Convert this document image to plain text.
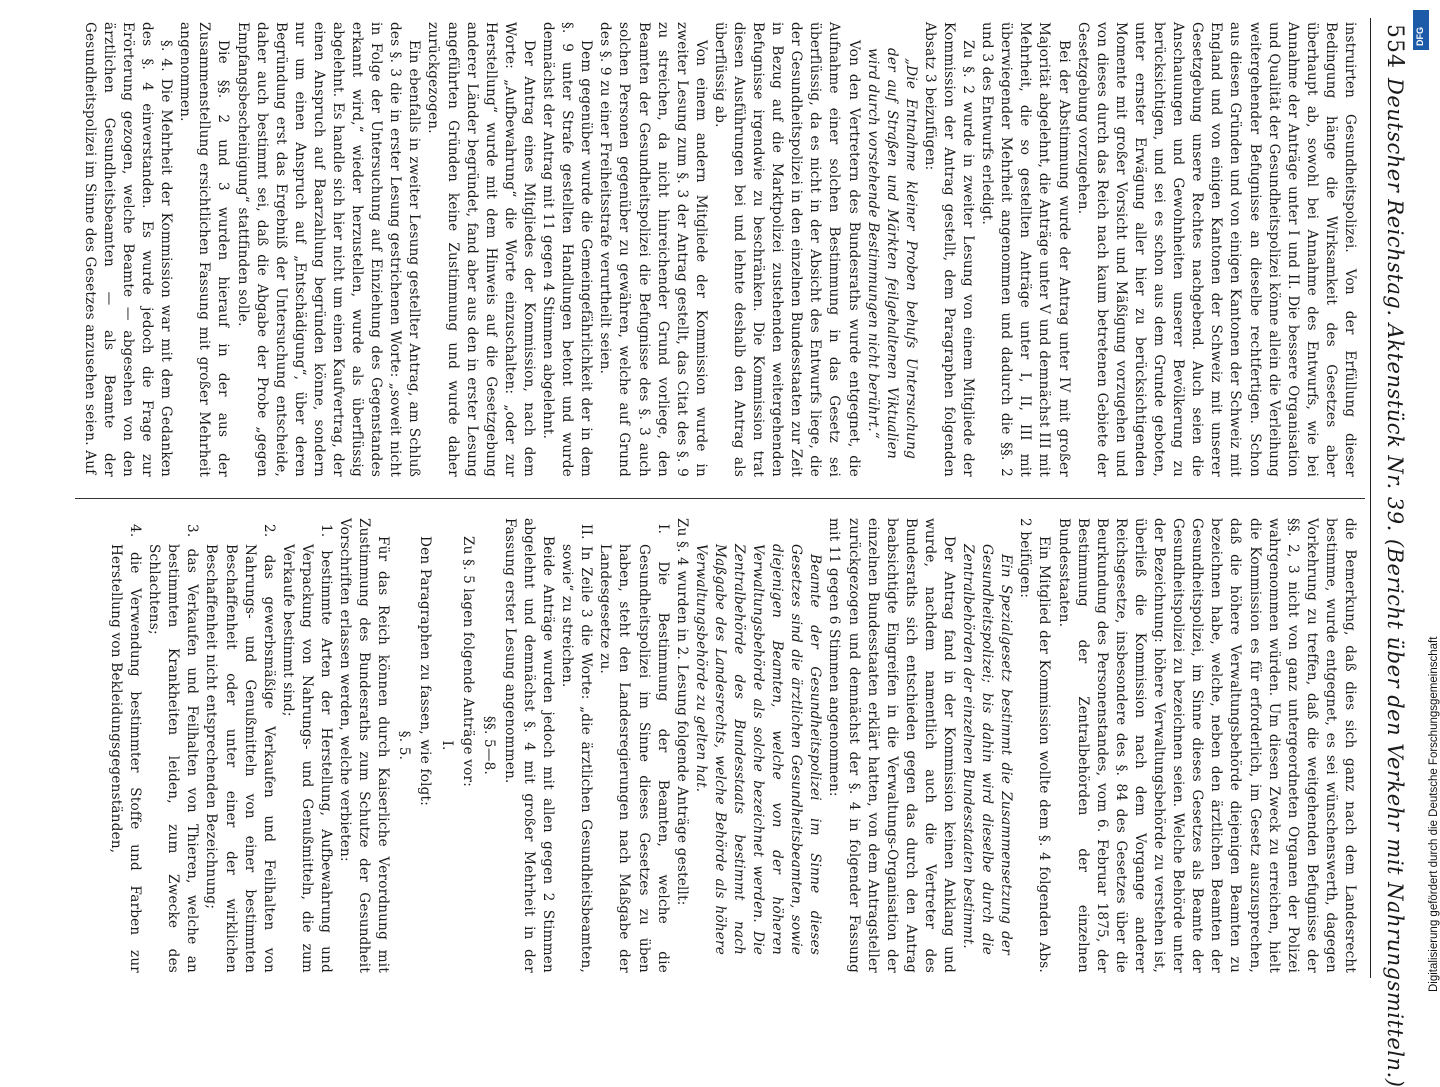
554
Deutscher Reichstag. Aktenstück Nr. 39. (Bericht über den Verkehr mit Nahrungsmitteln.)

instruirten Gesundheitspolizei. Von der Erfüllung dieser Bedingung hänge die Wirksamkeit des Gesetzes aber überhaupt ab, sowohl bei Annahme des Entwurfs, wie bei Annahme der Anträge unter I und II. Die bessere Organisation und Qualität der Gesundheitspolizei könne allein die Verleihung weitergehender Befugnisse an dieselbe rechtfertigen. Schon aus diesen Gründen und von einigen Kantonen der Schweiz mit England und von einigen Kantonen der Schweiz mit unserer Gesetzgebung unsere Rechtes nachgebend. Auch seien die Anschauungen und Gewohnheiten unserer Bevölkerung zu berücksichtigen, und sei es schon aus dem Grunde geboten, unter ernster Erwägung aller hier zu berücksichtigenden Momente mit großer Vorsicht und Mäßigung vorzugehen und von dieses durch das Reich nach kaum betretenen Gebiete der Gesetzgebung vorzugehen.

Bei der Abstimmung wurde der Antrag unter IV mit großer Majorität abgelehnt, die Anträge unter V und demnächst III mit Mehrheit, die so gestellten Anträge unter I, II, III mit überwiegender Mehrheit angenommen und dadurch die §§. 2 und 3 des Entwurfs erledigt.

Zu §. 2 wurde in zweiter Lesung von einem Mitgliede der Kommission der Antrag gestellt, dem Paragraphen folgenden Absatz 3 beizufügen:

„Die Entnahme kleiner Proben behufs Untersuchung der auf Straßen und Märkten feilgehaltenen Viktualien wird durch vorstehende Bestimmungen nicht berührt.“

Von den Vertretern des Bundesraths wurde entgegnet, die Aufnahme einer solchen Bestimmung in das Gesetz sei überflüssig, da es nicht in der Absicht des Entwurfs liege, die der Gesundheitspolizei in den einzelnen Bundesstaaten zur Zeit in Bezug auf die Marktpolizei zustehenden weitergehenden Befugnisse irgendwie zu beschränken. Die Kommission trat diesen Ausführungen bei und lehnte deshalb den Antrag als überflüssig ab.

Von einem andern Mitgliede der Kommission wurde in zweiter Lesung zum §. 3 der Antrag gestellt, das Citat des §. 9 zu streichen, da nicht hinreichender Grund vorliege, den Beamten der Gesundheitspolizei die Befugnisse des §. 3 auch solchen Personen gegenüber zu gewähren, welche auf Grund des §. 9 zu einer Freiheitsstrafe verurtheilt seien.

Dem gegenüber wurde die Gemeingefährlichkeit der in dem §. 9 unter Strafe gestellten Handlungen betont und wurde demnächst der Antrag mit 11 gegen 4 Stimmen abgelehnt.

Der Antrag eines Mitgliedes der Kommission, nach dem Worte: „Aufbewahrung“ die Worte einzuschalten: „oder zur Herstellung“ wurde mit dem Hinweis auf die Gesetzgebung anderer Länder begründet, fand aber aus den in erster Lesung angeführten Gründen keine Zustimmung und wurde daher zurückgezogen.

Ein ebenfalls in zweiter Lesung gestellter Antrag, am Schluß des §. 3 die in erster Lesung gestrichenen Worte: „soweit nicht in Folge der Untersuchung auf Einziehung des Gegenstandes erkannt wird,“ wieder herzustellen, wurde als überflüssig abgelehnt. Es handle sich hier nicht um einen Kaufvertrag, der einen Anspruch auf Baarzahlung begründen könne, sondern nur um einen Anspruch auf „Entschädigung“, über deren Begründung erst das Ergebniß der Untersuchung entscheide, daher auch bestimmt sei, daß die Abgabe der Probe „gegen Empfangsbescheinigung“ stattfinden solle.

Die §§. 2 und 3 wurden hierauf in der aus der Zusammenstellung ersichtlichen Fassung mit großer Mehrheit angenommen.

§. 4. Die Mehrheit der Kommission war mit dem Gedanken des §. 4 einverstanden. Es wurde jedoch die Frage zur Erörterung gezogen, welche Beamte — abgesehen von den ärztlichen Gesundheitsbeamten — als Beamte der Gesundheitspolizei im Sinne des Gesetzes anzusehen seien. Auf

die Bemerkung, daß dies sich ganz nach dem Landesrecht bestimme, wurde entgegnet, es sei wünschenswerth, dagegen Vorkehrung zu treffen, daß die weitgehenden Befugnisse der §§. 2, 3 nicht von ganz untergeordneten Organen der Polizei wahrgenommen würden. Um diesen Zweck zu erreichen, hielt die Kommission es für erforderlich, im Gesetz auszusprechen, daß die höhere Verwaltungsbehörde diejenigen Beamten zu bezeichnen habe, welche, neben den ärztlichen Beamten der Gesundheitspolizei, im Sinne dieses Gesetzes als Beamte der Gesundheitspolizei zu bezeichnen seien. Welche Behörde unter der Bezeichnung: höhere Verwaltungsbehörde zu verstehen ist, überließ die Kommission nach dem Vorgange anderer Reichsgesetze, insbesondere des §. 84 des Gesetzes über die Beurkundung des Personenstandes, vom 6. Februar 1875, der Bestimmung der Zentralbehörden der einzelnen Bundesstaaten.

Ein Mitglied der Kommission wollte dem §. 4 folgenden Abs. 2 beifügen:

Ein Spezialgesetz bestimmt die Zusammensetzung der Gesundheitspolizei; bis dahin wird dieselbe durch die Zentralbehörden der einzelnen Bundesstaaten bestimmt.

Der Antrag fand in der Kommission keinen Anklang und wurde, nachdem namentlich auch die Vertreter des Bundesraths sich entschieden gegen das durch den Antrag beabsichtigte Eingreifen in die Verwaltungs-Organisation der einzelnen Bundesstaaten erklärt hatten, von dem Antragsteller zurückgezogen und demnächst der §. 4 in folgender Fassung mit 11 gegen 6 Stimmen angenommen:

Beamte der Gesundheitspolizei im Sinne dieses Gesetzes sind die ärztlichen Gesundheitsbeamten, sowie diejenigen Beamten, welche von der höheren Verwaltungsbehörde als solche bezeichnet werden. Die Zentralbehörde des Bundesstaats bestimmt nach Maßgabe des Landesrechts, welche Behörde als höhere Verwaltungsbehörde zu gelten hat.

Zu §. 4 wurden in 2. Lesung folgende Anträge gestellt:

I. Die Bestimmung der Beamten, welche die Gesundheitspolizei im Sinne dieses Gesetzes zu üben haben, steht den Landesregierungen nach Maßgabe der Landesgesetze zu.

II. In Zeile 3 die Worte: „die ärztlichen Gesundheitsbeamten, sowie“ zu streichen.

Beide Anträge wurden jedoch mit allen gegen 2 Stimmen abgelehnt und demnächst §. 4 mit großer Mehrheit in der Fassung erster Lesung angenommen.

§§. 5—8.

Zu §. 5 lagen folgende Anträge vor:

I.

Den Paragraphen zu fassen, wie folgt:

§. 5.

Für das Reich können durch Kaiserliche Verordnung mit Zustimmung des Bundesraths zum Schutze der Gesundheit Vorschriften erlassen werden, welche verbieten:

1. bestimmte Arten der Herstellung, Aufbewahrung und Verpackung von Nahrungs- und Genußmitteln, die zum Verkaufe bestimmt sind;

2. das gewerbsmäßige Verkaufen und Feilhalten von Nahrungs- und Genußmitteln von einer bestimmten Beschaffenheit oder unter einer der wirklichen Beschaffenheit nicht entsprechenden Bezeichnung;

3. das Verkaufen und Feilhalten von Thieren, welche an bestimmten Krankheiten leiden, zum Zwecke des Schlachtens;

4. die Verwendung bestimmter Stoffe und Farben zur Herstellung von Bekleidungsgegenständen,

DFG
Digitalisierung gefördert durch die Deutsche Forschungsgemeinschaft
